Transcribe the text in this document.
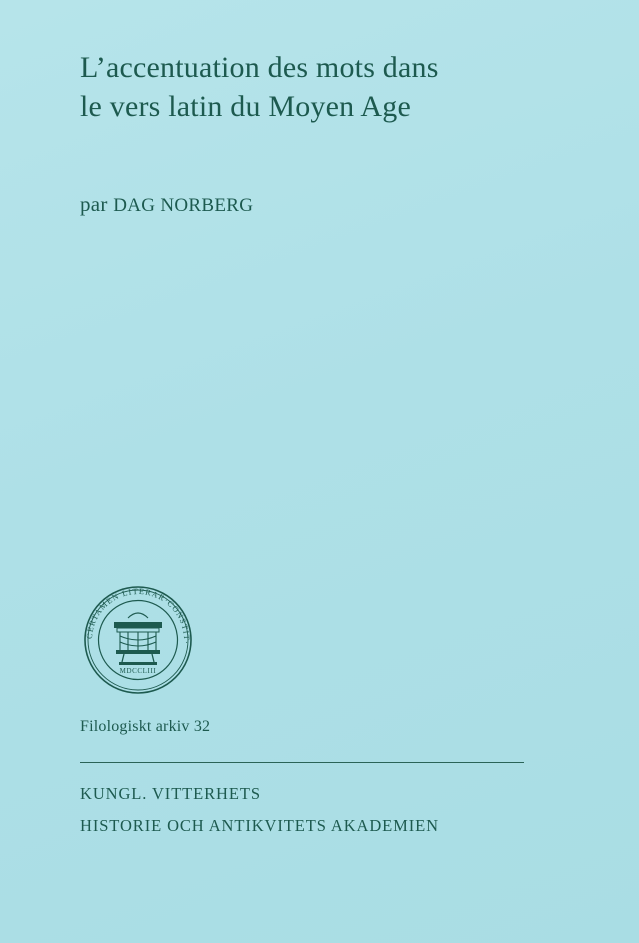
L’accentuation des mots dans
le vers latin du Moyen Age
par DAG NORBERG
CERTAMEN LITERAR·CONSTIT·
MDCCLIII
Filologiskt arkiv 32
KUNGL. VITTERHETS
HISTORIE OCH ANTIKVITETS AKADEMIEN
